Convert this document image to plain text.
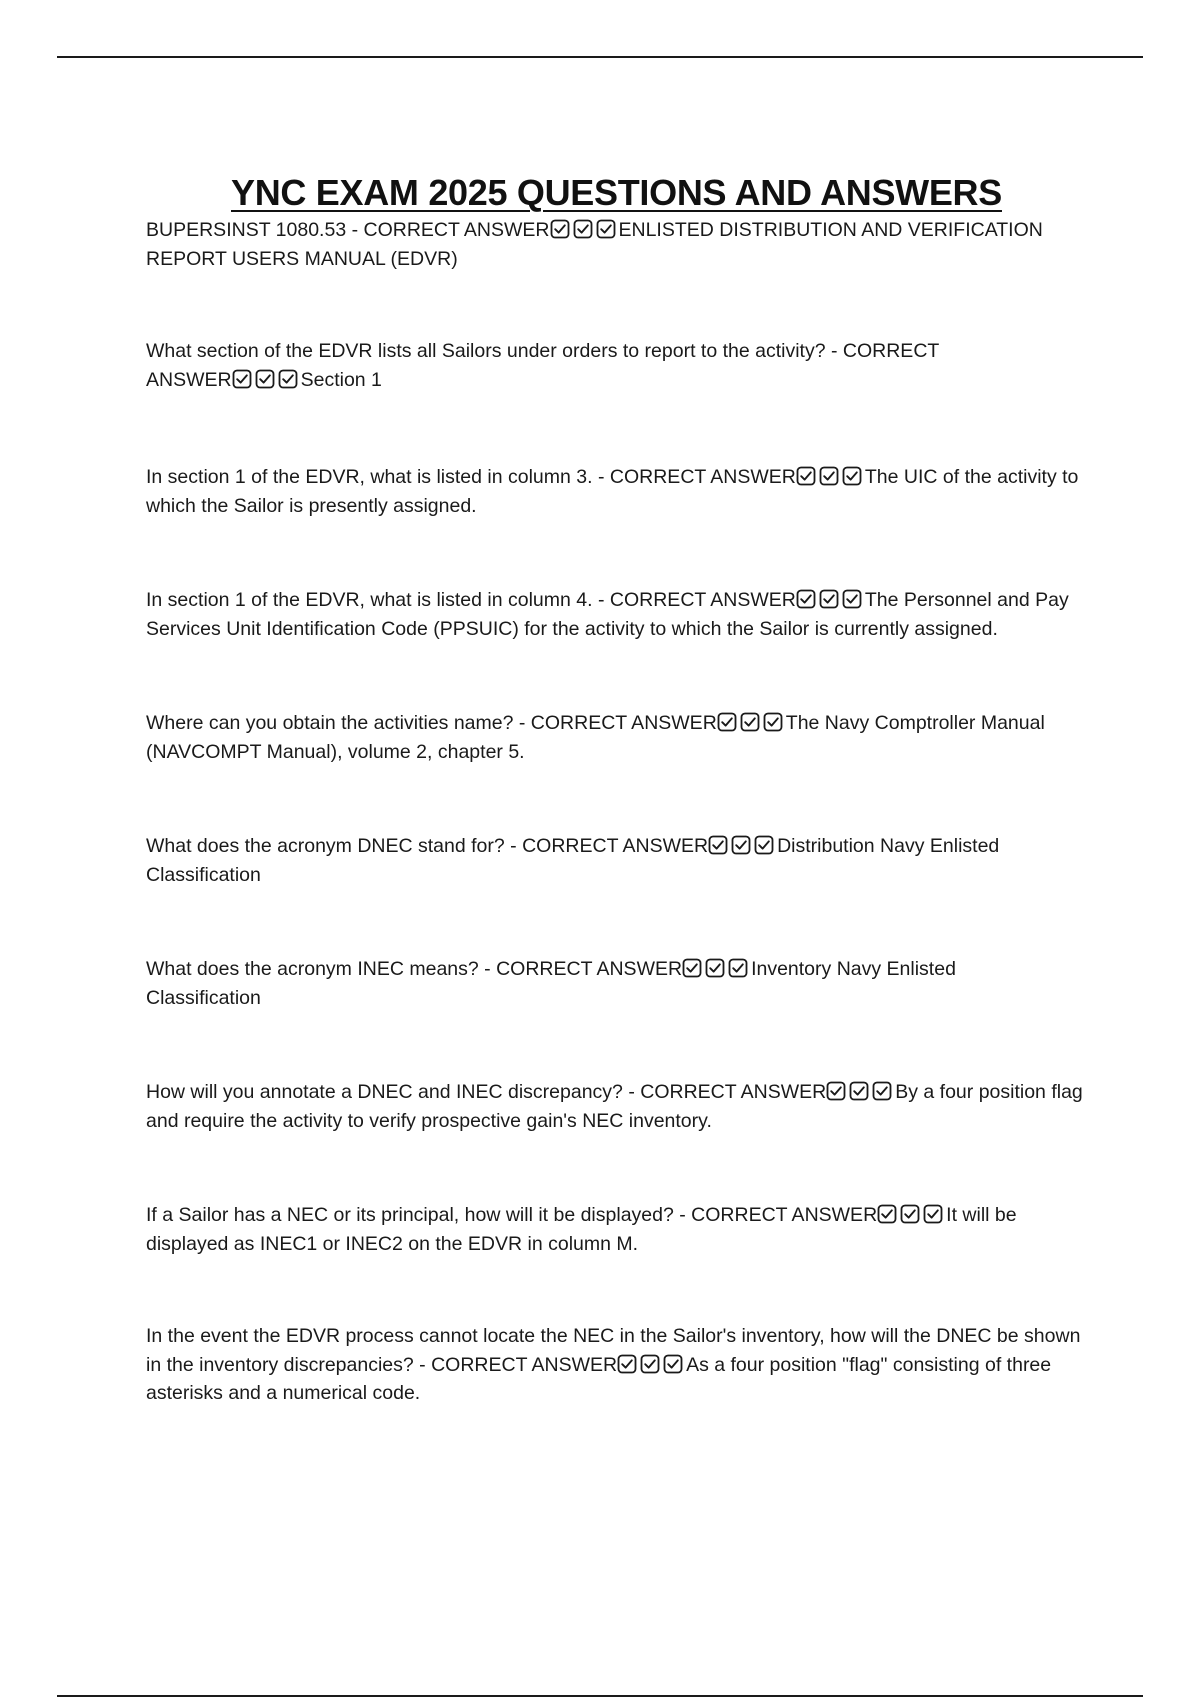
YNC EXAM 2025 QUESTIONS AND ANSWERS

BUPERSINST 1080.53 - CORRECT ANSWER	ENLISTED DISTRIBUTION AND VERIFICATION REPORT USERS MANUAL (EDVR)

What section of the EDVR lists all Sailors under orders to report to the activity? - CORRECT ANSWER	Section 1

In section 1 of the EDVR, what is listed in column 3. - CORRECT ANSWER	The UIC of the activity to which the Sailor is presently assigned.

In section 1 of the EDVR, what is listed in column 4. - CORRECT ANSWER	The Personnel and Pay Services Unit Identification Code (PPSUIC) for the activity to which the Sailor is currently assigned.

Where can you obtain the activities name? - CORRECT ANSWER	The Navy Comptroller Manual (NAVCOMPT Manual), volume 2, chapter 5.

What does the acronym DNEC stand for? - CORRECT ANSWER	Distribution Navy Enlisted Classification

What does the acronym INEC means? - CORRECT ANSWER	Inventory Navy Enlisted Classification

How will you annotate a DNEC and INEC discrepancy? - CORRECT ANSWER	By a four position flag and require the activity to verify prospective gain's NEC inventory.

If a Sailor has a NEC or its principal, how will it be displayed? - CORRECT ANSWER	It will be displayed as INEC1 or INEC2 on the EDVR in column M.

In the event the EDVR process cannot locate the NEC in the Sailor's inventory, how will the DNEC be shown in the inventory discrepancies? - CORRECT ANSWER	As a four position "flag" consisting of three asterisks and a numerical code.
